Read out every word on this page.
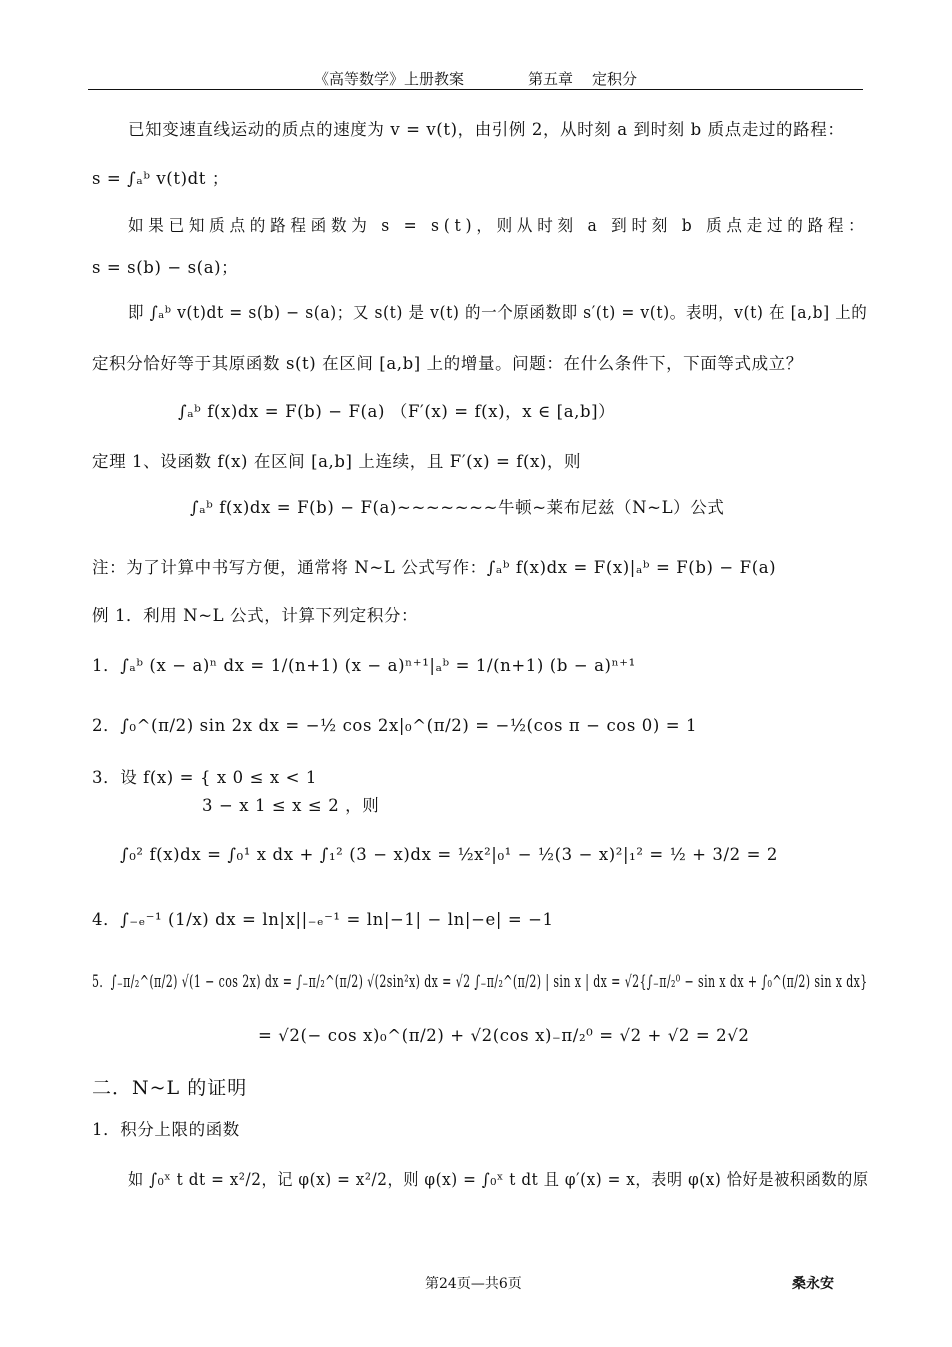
《高等数学》上册教案	第五章 定积分
已知变速直线运动的质点的速度为 v = v(t)，由引例 2，从时刻 a 到时刻 b 质点走过的路程：
s = ∫ₐᵇ v(t)dt ；
如果已知质点的路程函数为 s = s(t)，则从时刻 a 到时刻 b 质点走过的路程：
s = s(b) − s(a)；
即 ∫ₐᵇ v(t)dt = s(b) − s(a)；又 s(t) 是 v(t) 的一个原函数即 s′(t) = v(t)。表明，v(t) 在 [a,b] 上的
定积分恰好等于其原函数 s(t) 在区间 [a,b] 上的增量。问题：在什么条件下，下面等式成立？
∫ₐᵇ f(x)dx = F(b) − F(a) （F′(x) = f(x)，x ∈ [a,b]）
定理 1、设函数 f(x) 在区间 [a,b] 上连续，且 F′(x) = f(x)，则
∫ₐᵇ f(x)dx = F(b) − F(a)~~~~~~~牛顿~莱布尼兹（N~L）公式
注：为了计算中书写方便，通常将 N~L 公式写作：∫ₐᵇ f(x)dx = F(x)|ₐᵇ = F(b) − F(a)
例 1．利用 N~L 公式，计算下列定积分：
1．∫ₐᵇ (x − a)ⁿ dx = 1/(n+1) (x − a)ⁿ⁺¹|ₐᵇ = 1/(n+1) (b − a)ⁿ⁺¹
2．∫₀^(π/2) sin 2x dx = −½ cos 2x|₀^(π/2) = −½(cos π − cos 0) = 1
3．设 f(x) = { x 0 ≤ x < 1
3 − x 1 ≤ x ≤ 2 ，则
∫₀² f(x)dx = ∫₀¹ x dx + ∫₁² (3 − x)dx = ½x²|₀¹ − ½(3 − x)²|₁² = ½ + 3/2 = 2
4．∫₋ₑ⁻¹ (1/x) dx = ln|x||₋ₑ⁻¹ = ln|−1| − ln|−e| = −1
5．∫₋π/₂^(π/2) √(1 − cos 2x) dx = ∫₋π/₂^(π/2) √(2sin²x) dx = √2 ∫₋π/₂^(π/2) | sin x | dx = √2{∫₋π/₂⁰ − sin x dx + ∫₀^(π/2) sin x dx}
= √2(− cos x)₀^(π/2) + √2(cos x)₋π/₂⁰ = √2 + √2 = 2√2
二．N~L 的证明
1．积分上限的函数
如 ∫₀ˣ t dt = x²/2，记 φ(x) = x²/2，则 φ(x) = ∫₀ˣ t dt 且 φ′(x) = x，表明 φ(x) 恰好是被积函数的原
第24页—共6页	桑永安
